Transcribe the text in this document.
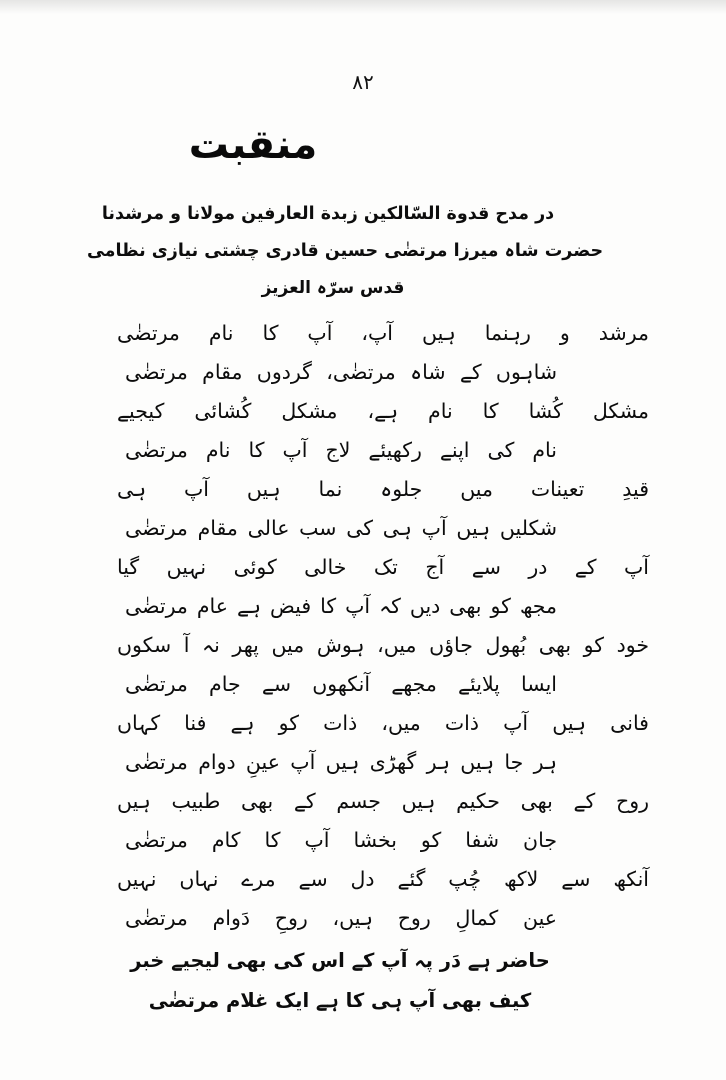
۸۲
منقبت
در مدح قدوة السّالکین زبدة العارفین مولانا و مرشدنا
حضرت شاہ میرزا مرتضٰی حسین قادری چشتی نیازی نظامی
قدس سرّہ العزیز
مرشد و رہنما ہیں آپ، آپ کا نام مرتضٰی
شاہوں کے شاہ مرتضٰی، گردوں مقام مرتضٰی
مشکل کُشا کا نام ہے، مشکل کُشائی کیجیے
نام کی اپنے رکھیئے لاج آپ کا نام مرتضٰی
قیدِ تعینات میں جلوہ نما ہیں آپ ہی
شکلیں ہیں آپ ہی کی سب عالی مقام مرتضٰی
آپ کے در سے آج تک خالی کوئی نہیں گیا
مجھ کو بھی دیں کہ آپ کا فیض ہے عام مرتضٰی
خود کو بھی بُھول جاؤں میں، ہوش میں پھر نہ آ سکوں
ایسا پلایئے مجھے آنکھوں سے جام مرتضٰی
فانی ہیں آپ ذات میں، ذات کو ہے فنا کہاں
ہر جا ہیں ہر گھڑی ہیں آپ عینِ دوام مرتضٰی
روح کے بھی حکیم ہیں جسم کے بھی طبیب ہیں
جان شفا کو بخشا آپ کا کام مرتضٰی
آنکھ سے لاکھ چُپ گئے دل سے مرے نہاں نہیں
عین کمالِ روح ہیں، روحِ دَوام مرتضٰی
حاضر ہے دَر پہ آپ کے اس کی بھی لیجیے خبر
کیف بھی آپ ہی کا ہے ایک غلام مرتضٰی
